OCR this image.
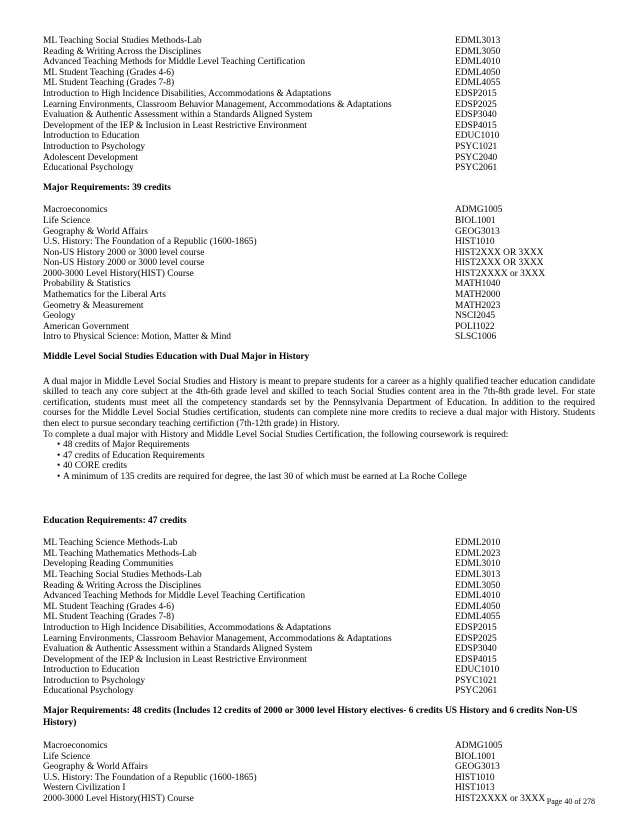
ML Teaching Social Studies Methods-Lab	EDML3013
Reading & Writing Across the Disciplines	EDML3050
Advanced Teaching Methods for Middle Level Teaching Certification	EDML4010
ML Student Teaching (Grades 4-6)	EDML4050
ML Student Teaching (Grades 7-8)	EDML4055
Introduction to High Incidence Disabilities, Accommodations & Adaptations	EDSP2015
Learning Environments, Classroom Behavior Management, Accommodations & Adaptations	EDSP2025
Evaluation & Authentic Assessment within a Standards Aligned System	EDSP3040
Development of the IEP & Inclusion in Least Restrictive Environment	EDSP4015
Introduction to Education	EDUC1010
Introduction to Psychology	PSYC1021
Adolescent Development	PSYC2040
Educational Psychology	PSYC2061
Major Requirements: 39 credits
Macroeconomics	ADMG1005
Life Science	BIOL1001
Geography & World Affairs	GEOG3013
U.S. History: The Foundation of a Republic (1600-1865)	HIST1010
Non-US History 2000 or 3000 level course	HIST2XXX OR 3XXX
Non-US History 2000 or 3000 level course	HIST2XXX OR 3XXX
2000-3000 Level History(HIST) Course	HIST2XXXX or 3XXX
Probability & Statistics	MATH1040
Mathematics for the Liberal Arts	MATH2000
Geometry & Measurement	MATH2023
Geology	NSCI2045
American Government	POLI1022
Intro to Physical Science: Motion, Matter & Mind	SLSC1006
Middle Level Social Studies Education with Dual Major in History
A dual major in Middle Level Social Studies and History is meant to prepare students for a career as a highly qualified teacher education candidate skilled to teach any core subject at the 4th-6th grade level and skilled to teach Social Studies content area in the 7th-8th grade level. For state certification, students must meet all the competency standards set by the Pennsylvania Department of Education. In addition to the required courses for the Middle Level Social Studies certification, students can complete nine more credits to recieve a dual major with History. Students then elect to pursue secondary teaching certifiction (7th-12th grade) in History.
To complete a dual major with History and Middle Level Social Studies Certification, the following coursework is required:
• 48 credits of Major Requirements
• 47 credits of Education Requirements
• 40 CORE credits
• A minimum of 135 credits are required for degree, the last 30 of which must be earned at La Roche College
Education Requirements: 47 credits
ML Teaching Science Methods-Lab	EDML2010
ML Teaching Mathematics Methods-Lab	EDML2023
Developing Reading Communities	EDML3010
ML Teaching Social Studies Methods-Lab	EDML3013
Reading & Writing Across the Disciplines	EDML3050
Advanced Teaching Methods for Middle Level Teaching Certification	EDML4010
ML Student Teaching (Grades 4-6)	EDML4050
ML Student Teaching (Grades 7-8)	EDML4055
Introduction to High Incidence Disabilities, Accommodations & Adaptations	EDSP2015
Learning Environments, Classroom Behavior Management, Accommodations & Adaptations	EDSP2025
Evaluation & Authentic Assessment within a Standards Aligned System	EDSP3040
Development of the IEP & Inclusion in Least Restrictive Environment	EDSP4015
Introduction to Education	EDUC1010
Introduction to Psychology	PSYC1021
Educational Psychology	PSYC2061
Major Requirements: 48 credits (Includes 12 credits of 2000 or 3000 level History electives- 6 credits US History and 6 credits Non-US History)
Macroeconomics	ADMG1005
Life Science	BIOL1001
Geography & World Affairs	GEOG3013
U.S. History: The Foundation of a Republic (1600-1865)	HIST1010
Western Civilization I	HIST1013
2000-3000 Level History(HIST) Course	HIST2XXXX or 3XXX Page 40 of 278
